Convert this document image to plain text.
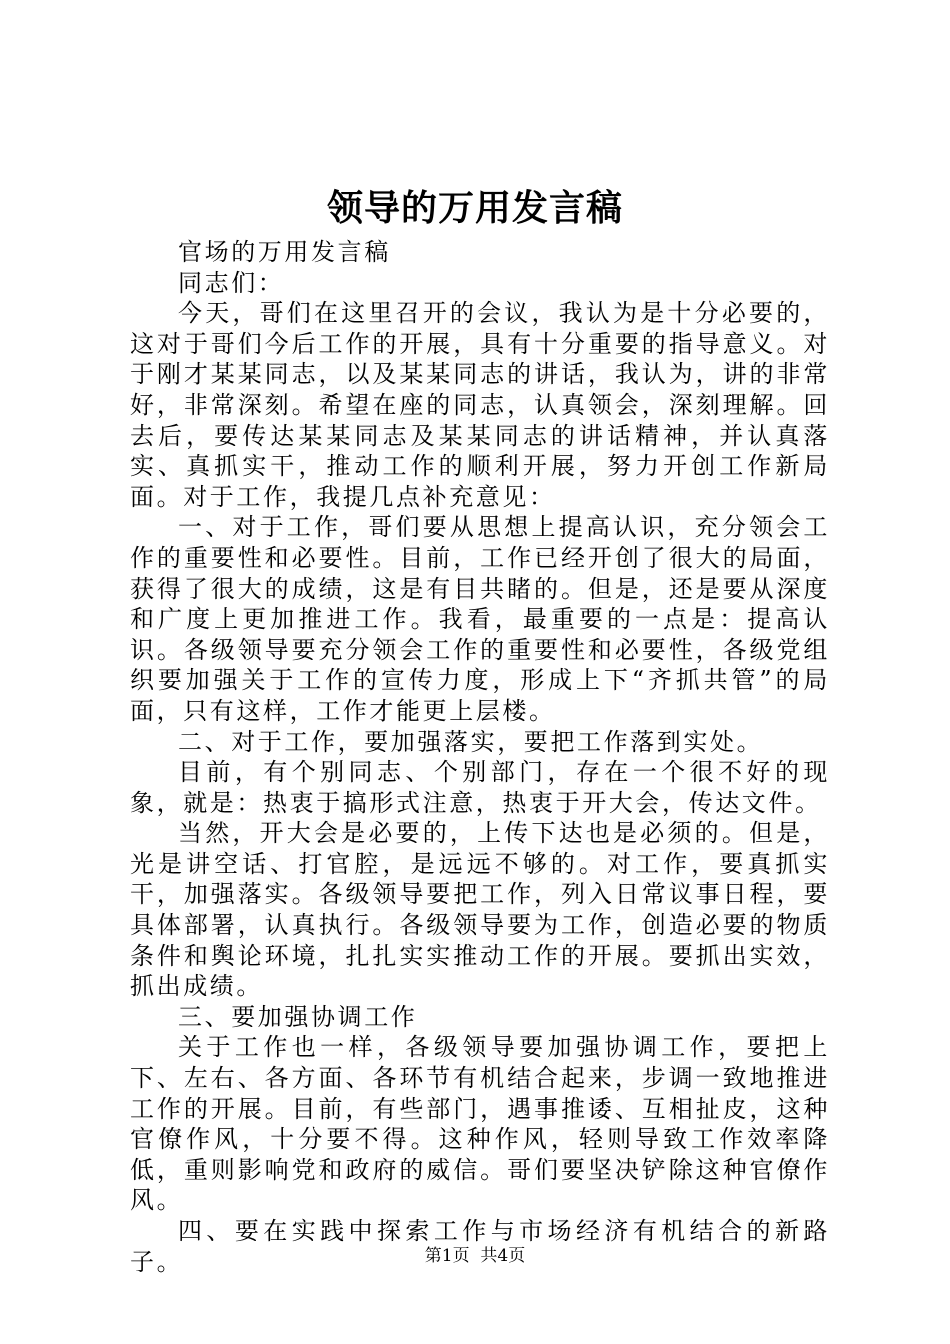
领导的万用发言稿

官场的万用发言稿

同志们：

今天，哥们在这里召开的会议，我认为是十分必要的，这对于哥们今后工作的开展，具有十分重要的指导意义。对于刚才某某同志，以及某某同志的讲话，我认为，讲的非常好，非常深刻。希望在座的同志，认真领会，深刻理解。回去后，要传达某某同志及某某同志的讲话精神，并认真落实、真抓实干，推动工作的顺利开展，努力开创工作新局面。对于工作，我提几点补充意见：

一、对于工作，哥们要从思想上提高认识，充分领会工作的重要性和必要性。目前，工作已经开创了很大的局面，获得了很大的成绩，这是有目共睹的。但是，还是要从深度和广度上更加推进工作。我看，最重要的一点是：提高认识。各级领导要充分领会工作的重要性和必要性，各级党组织要加强关于工作的宣传力度，形成上下“齐抓共管”的局面，只有这样，工作才能更上层楼。

二、对于工作，要加强落实，要把工作落到实处。

目前，有个别同志、个别部门，存在一个很不好的现象，就是：热衷于搞形式注意，热衷于开大会，传达文件。

当然，开大会是必要的，上传下达也是必须的。但是，光是讲空话、打官腔，是远远不够的。对工作，要真抓实干，加强落实。各级领导要把工作，列入日常议事日程，要具体部署，认真执行。各级领导要为工作，创造必要的物质条件和舆论环境，扎扎实实推动工作的开展。要抓出实效，抓出成绩。

三、要加强协调工作

关于工作也一样，各级领导要加强协调工作，要把上下、左右、各方面、各环节有机结合起来，步调一致地推进工作的开展。目前，有些部门，遇事推诿、互相扯皮，这种官僚作风，十分要不得。这种作风，轻则导致工作效率降低，重则影响党和政府的威信。哥们要坚决铲除这种官僚作风。

四、要在实践中探索工作与市场经济有机结合的新路子。	第1页 共4页
